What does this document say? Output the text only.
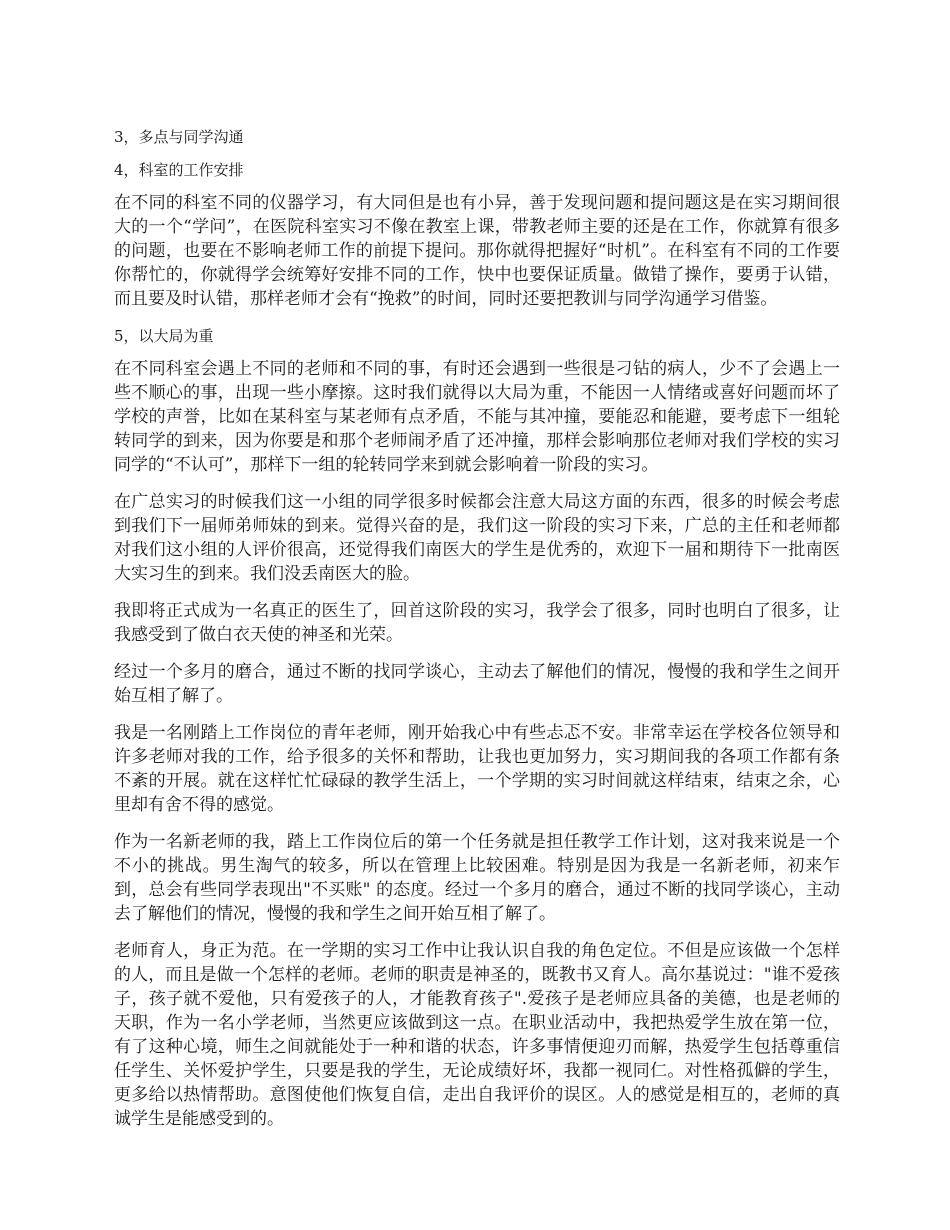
3，多点与同学沟通
4，科室的工作安排

在不同的科室不同的仪器学习，有大同但是也有小异，善于发现问题和提问题这是在实习期间很大的一个“学问”，在医院科室实习不像在教室上课，带教老师主要的还是在工作，你就算有很多的问题，也要在不影响老师工作的前提下提问。那你就得把握好“时机”。在科室有不同的工作要你帮忙的，你就得学会统筹好安排不同的工作，快中也要保证质量。做错了操作，要勇于认错，而且要及时认错，那样老师才会有“挽救”的时间，同时还要把教训与同学沟通学习借鉴。

5，以大局为重

在不同科室会遇上不同的老师和不同的事，有时还会遇到一些很是刁钻的病人，少不了会遇上一些不顺心的事，出现一些小摩擦。这时我们就得以大局为重，不能因一人情绪或喜好问题而坏了学校的声誉，比如在某科室与某老师有点矛盾，不能与其冲撞，要能忍和能避，要考虑下一组轮转同学的到来，因为你要是和那个老师闹矛盾了还冲撞，那样会影响那位老师对我们学校的实习同学的“不认可”，那样下一组的轮转同学来到就会影响着一阶段的实习。

在广总实习的时候我们这一小组的同学很多时候都会注意大局这方面的东西，很多的时候会考虑到我们下一届师弟师妹的到来。觉得兴奋的是，我们这一阶段的实习下来，广总的主任和老师都对我们这小组的人评价很高，还觉得我们南医大的学生是优秀的，欢迎下一届和期待下一批南医大实习生的到来。我们没丢南医大的脸。

我即将正式成为一名真正的医生了，回首这阶段的实习，我学会了很多，同时也明白了很多，让我感受到了做白衣天使的神圣和光荣。

经过一个多月的磨合，通过不断的找同学谈心，主动去了解他们的情况，慢慢的我和学生之间开始互相了解了。

我是一名刚踏上工作岗位的青年老师，刚开始我心中有些忐忑不安。非常幸运在学校各位领导和许多老师对我的工作，给予很多的关怀和帮助，让我也更加努力，实习期间我的各项工作都有条不紊的开展。就在这样忙忙碌碌的教学生活上，一个学期的实习时间就这样结束，结束之余，心里却有舍不得的感觉。

作为一名新老师的我，踏上工作岗位后的第一个任务就是担任教学工作计划，这对我来说是一个不小的挑战。男生淘气的较多，所以在管理上比较困难。特别是因为我是一名新老师，初来乍到，总会有些同学表现出"不买账" 的态度。经过一个多月的磨合，通过不断的找同学谈心，主动去了解他们的情况，慢慢的我和学生之间开始互相了解了。

老师育人，身正为范。在一学期的实习工作中让我认识自我的角色定位。不但是应该做一个怎样的人，而且是做一个怎样的老师。老师的职责是神圣的，既教书又育人。高尔基说过："谁不爱孩子，孩子就不爱他，只有爱孩子的人，才能教育孩子".爱孩子是老师应具备的美德，也是老师的天职，作为一名小学老师，当然更应该做到这一点。在职业活动中，我把热爱学生放在第一位，有了这种心境，师生之间就能处于一种和谐的状态，许多事情便迎刃而解，热爱学生包括尊重信任学生、关怀爱护学生，只要是我的学生，无论成绩好坏，我都一视同仁。对性格孤僻的学生，更多给以热情帮助。意图使他们恢复自信，走出自我评价的误区。人的感觉是相互的，老师的真诚学生是能感受到的。
